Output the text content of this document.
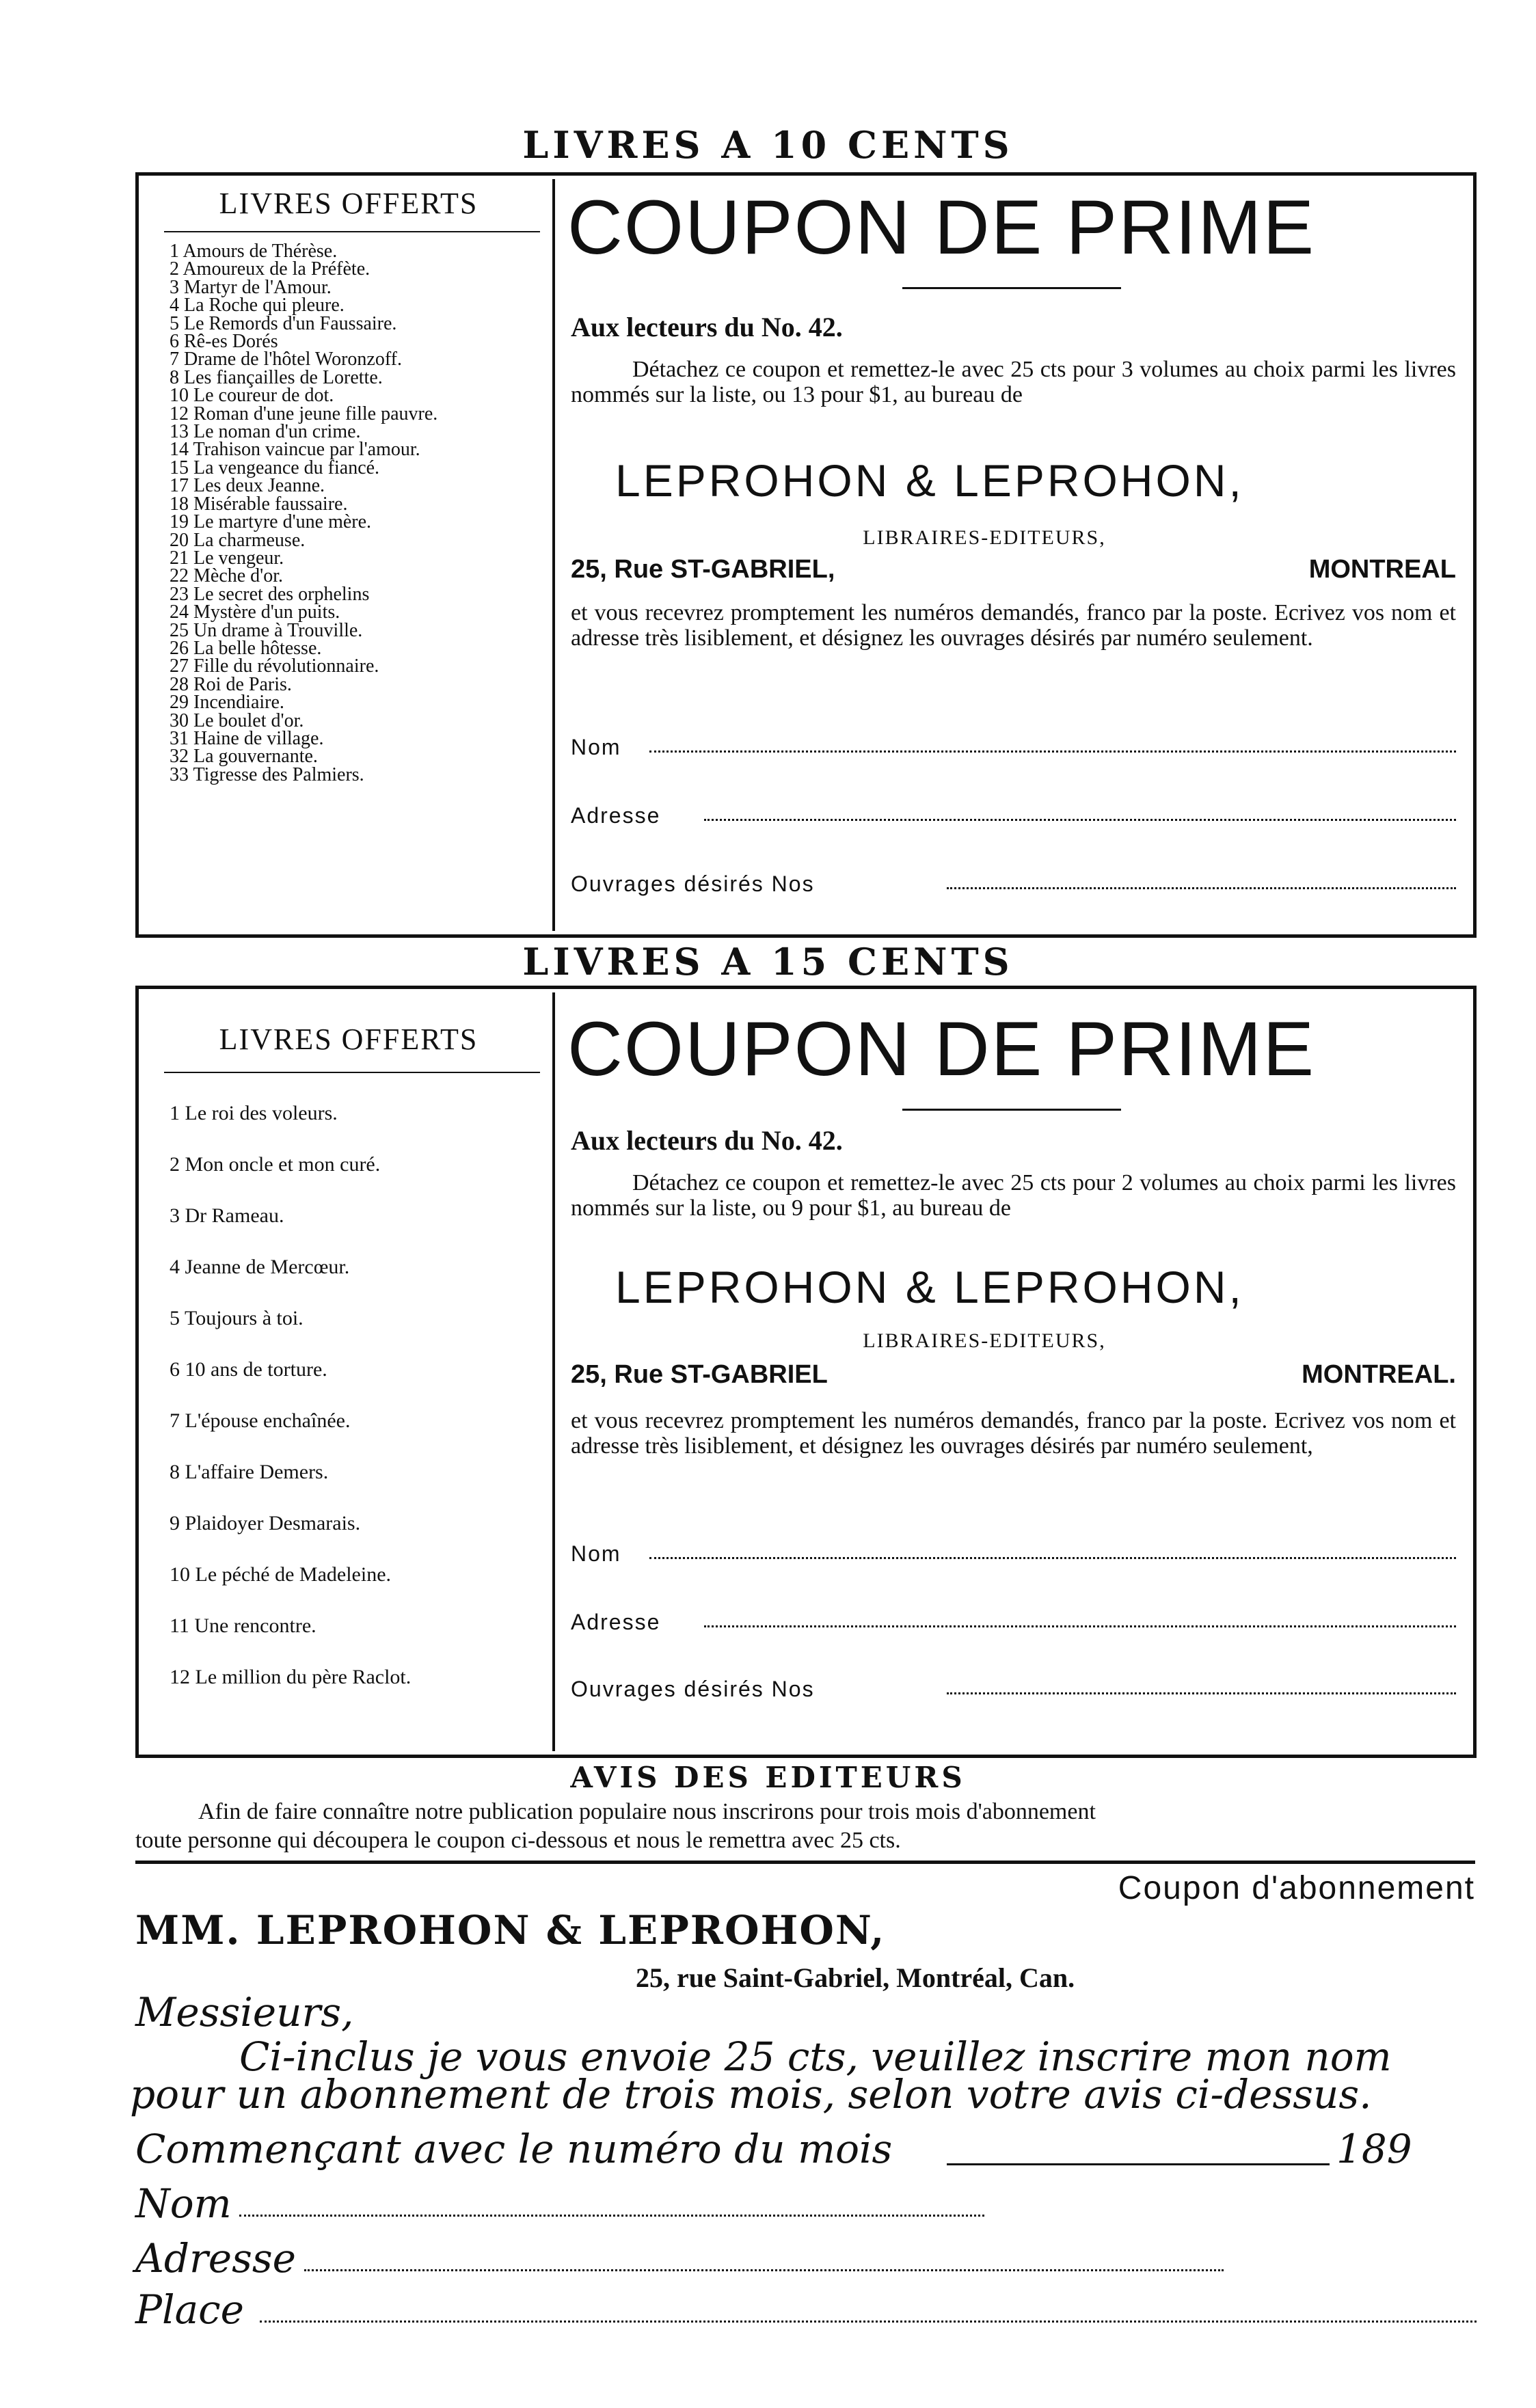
LIVRES A 10 CENTS
LIVRES OFFERTS
1 Amours de Thérèse.
2 Amoureux de la Préfète.
3 Martyr de l'Amour.
4 La Roche qui pleure.
5 Le Remords d'un Faussaire.
6 Rê-es Dorés
7 Drame de l'hôtel Woronzoff.
8 Les fiançailles de Lorette.
10 Le coureur de dot.
12 Roman d'une jeune fille pauvre.
13 Le noman d'un crime.
14 Trahison vaincue par l'amour.
15 La vengeance du fiancé.
17 Les deux Jeanne.
18 Misérable faussaire.
19 Le martyre d'une mère.
20 La charmeuse.
21 Le vengeur.
22 Mèche d'or.
23 Le secret des orphelins
24 Mystère d'un puits.
25 Un drame à Trouville.
26 La belle hôtesse.
27 Fille du révolutionnaire.
28 Roi de Paris.
29 Incendiaire.
30 Le boulet d'or.
31 Haine de village.
32 La gouvernante.
33 Tigresse des Palmiers.
COUPON DE PRIME
Aux lecteurs du No. 42.
Détachez ce coupon et remettez-le avec 25 cts pour 3 volumes au choix parmi les livres nommés sur la liste, ou 13 pour $1, au bureau de
LEPROHON & LEPROHON,
LIBRAIRES-EDITEURS,
25, Rue ST-GABRIEL,	MONTREAL
et vous recevrez promptement les numéros demandés, franco par la poste. Ecrivez vos nom et adresse très lisiblement, et désignez les ouvrages désirés par numéro seulement.
Nom
Adresse
Ouvrages désirés Nos
LIVRES A 15 CENTS
LIVRES OFFERTS
1 Le roi des voleurs.
2 Mon oncle et mon curé.
3 Dr Rameau.
4 Jeanne de Mercœur.
5 Toujours à toi.
6 10 ans de torture.
7 L'épouse enchaînée.
8 L'affaire Demers.
9 Plaidoyer Desmarais.
10 Le péché de Madeleine.
11 Une rencontre.
12 Le million du père Raclot.
COUPON DE PRIME
Aux lecteurs du No. 42.
Détachez ce coupon et remettez-le avec 25 cts pour 2 volumes au choix parmi les livres nommés sur la liste, ou 9 pour $1, au bureau de
LEPROHON & LEPROHON,
LIBRAIRES-EDITEURS,
25, Rue ST-GABRIEL	MONTREAL.
et vous recevrez promptement les numéros demandés, franco par la poste. Ecrivez vos nom et adresse très lisiblement, et désignez les ouvrages désirés par numéro seulement,
Nom
Adresse
Ouvrages désirés Nos
AVIS DES EDITEURS
Afin de faire connaître notre publication populaire nous inscrirons pour trois mois d'abonnement
toute personne qui découpera le coupon ci-dessous et nous le remettra avec 25 cts.
Coupon d'abonnement
MM. LEPROHON & LEPROHON,
25, rue Saint-Gabriel, Montréal, Can.
Messieurs,
Ci-inclus je vous envoie 25 cts, veuillez inscrire mon nom
pour un abonnement de trois mois, selon votre avis ci-dessus.
Commençant avec le numéro du mois	189
Nom
Adresse
Place
